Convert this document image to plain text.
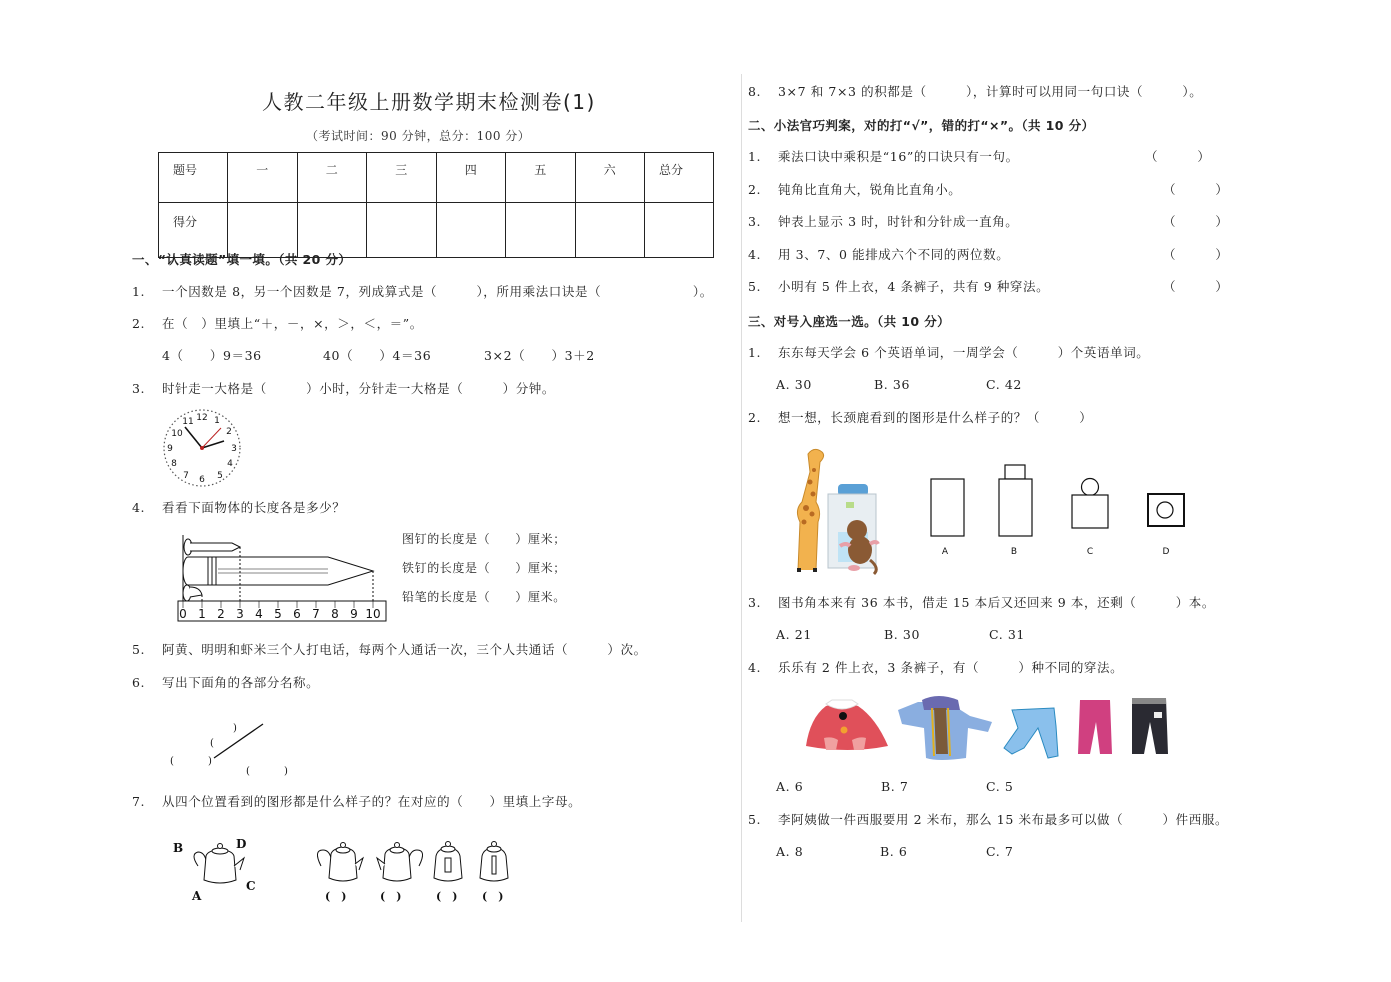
人教二年级上册数学期末检测卷(1)
（考试时间：90 分钟，总分：100 分）
题号	一	二	三	四	五	六	总分
得分							
一、“认真读题”填一填。（共 20 分）
1. 一个因数是 8，另一个因数是 7，列成算式是（　　　），所用乘法口诀是（　　　　　　　）。
2. 在（　）里填上“＋，－，×，＞，＜，＝”。
4（　　）9＝36	40（　　）4＝36	3×2（　　）3＋2
3. 时针走一大格是（　　　）小时，分针走一大格是（　　　）分钟。
12 1
2
3
4
5
6
7
8
9
10
11
4. 看看下面物体的长度各是多少？
0 1 2 3 4 5 6 7 8 9 10
图钉的长度是（　　）厘米；
铁钉的长度是（　　）厘米；
铅笔的长度是（　　）厘米。
5. 阿黄、明明和虾米三个人打电话，每两个人通话一次，三个人共通话（　　　）次。
6. 写出下面角的各部分名称。
)
(
(	)
(	)
7. 从四个位置看到的图形都是什么样子的？在对应的（　　）里填上字母。
B	D
C
A	(　)	(　)	(　) (　)
8. 3×7 和 7×3 的积都是（　　　），计算时可以用同一句口诀（　　　）。
二、小法官巧判案，对的打“√”，错的打“×”。（共 10 分）
1. 乘法口诀中乘积是“16”的口诀只有一句。	（　　　）
2. 钝角比直角大，锐角比直角小。	（　　　）
3. 钟表上显示 3 时，时针和分针成一直角。	（　　　）
4. 用 3、7、0 能排成六个不同的两位数。	（　　　）
5. 小明有 5 件上衣，4 条裤子，共有 9 种穿法。	（　　　）
三、对号入座选一选。（共 10 分）
1. 东东每天学会 6 个英语单词，一周学会（　　　）个英语单词。
A. 30	B. 36	C. 42
2. 想一想，长颈鹿看到的图形是什么样子的？（　　　）
A	B	C	D
3. 图书角本来有 36 本书，借走 15 本后又还回来 9 本，还剩（　　　）本。
A. 21	B. 30	C. 31
4. 乐乐有 2 件上衣，3 条裤子，有（　　　）种不同的穿法。
A. 6	B. 7	C. 5
5. 李阿姨做一件西服要用 2 米布，那么 15 米布最多可以做（　　　）件西服。
A. 8	B. 6	C. 7
